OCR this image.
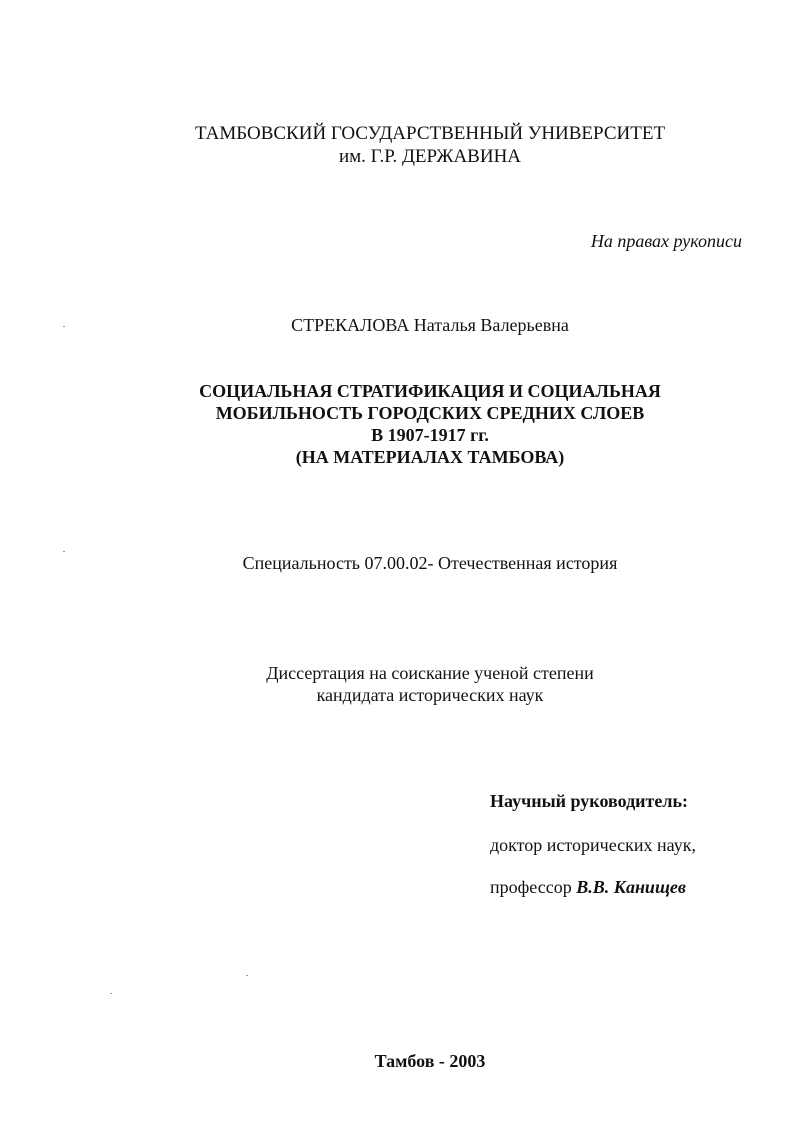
ТАМБОВСКИЙ ГОСУДАРСТВЕННЫЙ УНИВЕРСИТЕТ
им. Г.Р. ДЕРЖАВИНА
На правах рукописи
СТРЕКАЛОВА Наталья Валерьевна
СОЦИАЛЬНАЯ СТРАТИФИКАЦИЯ И СОЦИАЛЬНАЯ
МОБИЛЬНОСТЬ ГОРОДСКИХ СРЕДНИХ СЛОЕВ
В 1907-1917 гг.
(НА МАТЕРИАЛАХ ТАМБОВА)
Специальность 07.00.02- Отечественная история
Диссертация на соискание ученой степени
кандидата исторических наук
Научный руководитель:
доктор исторических наук,
профессор В.В. Канищев
Тамбов - 2003
